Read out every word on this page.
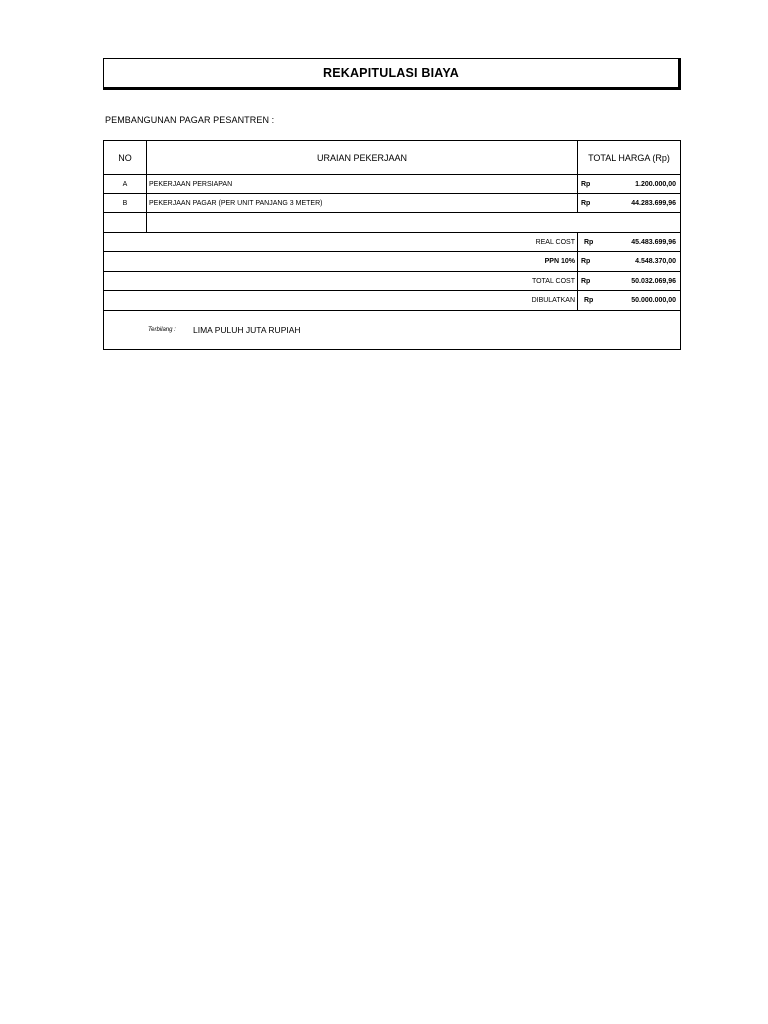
REKAPITULASI BIAYA
PEMBANGUNAN PAGAR PESANTREN :
NO	URAIAN PEKERJAAN	TOTAL HARGA (Rp)
A	PEKERJAAN PERSIAPAN	Rp	1.200.000,00
B	PEKERJAAN PAGAR (PER UNIT PANJANG 3 METER)	Rp	44.283.699,96
REAL COST	Rp	45.483.699,96
PPN 10% Rp	4.548.370,00
TOTAL COST Rp	50.032.069,96
DIBULATKAN	Rp	50.000.000,00
Terbilang :	LIMA PULUH JUTA RUPIAH
